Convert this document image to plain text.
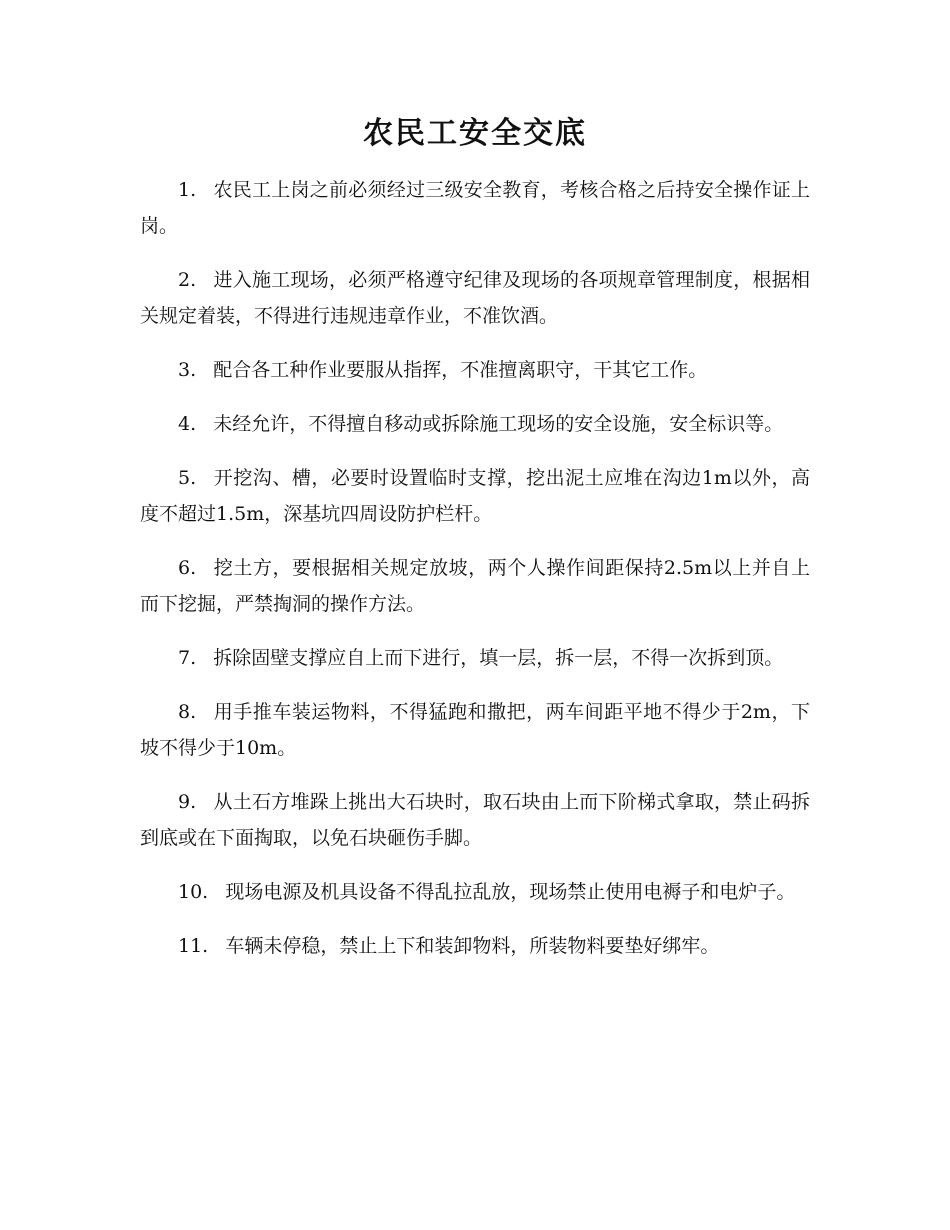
农民工安全交底

1. 农民工上岗之前必须经过三级安全教育，考核合格之后持安全操作证上岗。

2. 进入施工现场，必须严格遵守纪律及现场的各项规章管理制度，根据相关规定着装，不得进行违规违章作业，不准饮酒。

3. 配合各工种作业要服从指挥，不准擅离职守，干其它工作。

4. 未经允许，不得擅自移动或拆除施工现场的安全设施，安全标识等。

5. 开挖沟、槽，必要时设置临时支撑，挖出泥土应堆在沟边1m以外，高度不超过1.5m，深基坑四周设防护栏杆。

6. 挖土方，要根据相关规定放坡，两个人操作间距保持2.5m以上并自上而下挖掘，严禁掏洞的操作方法。

7. 拆除固壁支撑应自上而下进行，填一层，拆一层，不得一次拆到顶。

8. 用手推车装运物料，不得猛跑和撒把，两车间距平地不得少于2m，下坡不得少于10m。

9. 从土石方堆跺上挑出大石块时，取石块由上而下阶梯式拿取，禁止码拆到底或在下面掏取，以免石块砸伤手脚。

10. 现场电源及机具设备不得乱拉乱放，现场禁止使用电褥子和电炉子。

11. 车辆未停稳，禁止上下和装卸物料，所装物料要垫好绑牢。
